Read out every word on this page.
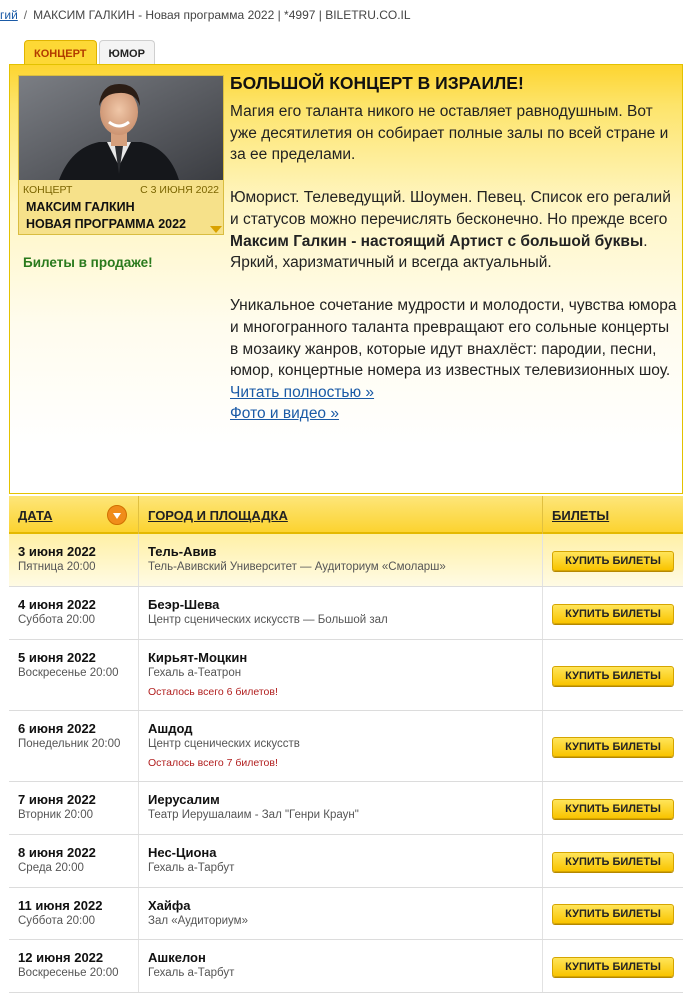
гий / МАКСИМ ГАЛКИН - Новая программа 2022 | *4997 | BILETRU.CO.IL
КОНЦЕРТ	ЮМОР
КОНЦЕРТ	С 3 ИЮНЯ 2022
МАКСИМ ГАЛКИН
НОВАЯ ПРОГРАММА 2022
Билеты в продаже!
БОЛЬШОЙ КОНЦЕРТ В ИЗРАИЛЕ!

Магия его таланта никого не оставляет равнодушным. Вот уже десятилетия он собирает полные залы по всей стране и за ее пределами.

Юморист. Телеведущий. Шоумен. Певец. Список его регалий и статусов можно перечислять бесконечно. Но прежде всего Максим Галкин - настоящий Артист с большой буквы. Яркий, харизматичный и всегда актуальный.

Уникальное сочетание мудрости и молодости, чувства юмора и многогранного таланта превращают его сольные концерты в мозаику жанров, которые идут внахлёст: пародии, песни, юмор, концертные номера из известных телевизионных шоу.
Читать полностью »
Фото и видео »

ДАТА	ГОРОД И ПЛОЩАДКА	БИЛЕТЫ
3 июня 2022
Пятница 20:00
Тель-Авив
Тель-Авивский Университет — Аудиториум «Смоларш»	КУПИТЬ БИЛЕТЫ
4 июня 2022
Суббота 20:00
Беэр-Шева
Центр сценических искусств — Большой зал	КУПИТЬ БИЛЕТЫ
5 июня 2022
Воскресенье 20:00
Кирьят-Моцкин
Гехаль а-Театрон
Осталось всего 6 билетов!
КУПИТЬ БИЛЕТЫ
6 июня 2022
Понедельник 20:00
Ашдод
Центр сценических искусств
Осталось всего 7 билетов!
КУПИТЬ БИЛЕТЫ
7 июня 2022
Вторник 20:00
Иерусалим
Театр Иерушалаим - Зал "Генри Краун"	КУПИТЬ БИЛЕТЫ
8 июня 2022
Среда 20:00
Нес-Циона
Гехаль а-Тарбут	КУПИТЬ БИЛЕТЫ
11 июня 2022
Суббота 20:00
Хайфа
Зал «Аудиториум»
КУПИТЬ БИЛЕТЫ
12 июня 2022
Воскресенье 20:00
Ашкелон
Гехаль а-Тарбут	КУПИТЬ БИЛЕТЫ
